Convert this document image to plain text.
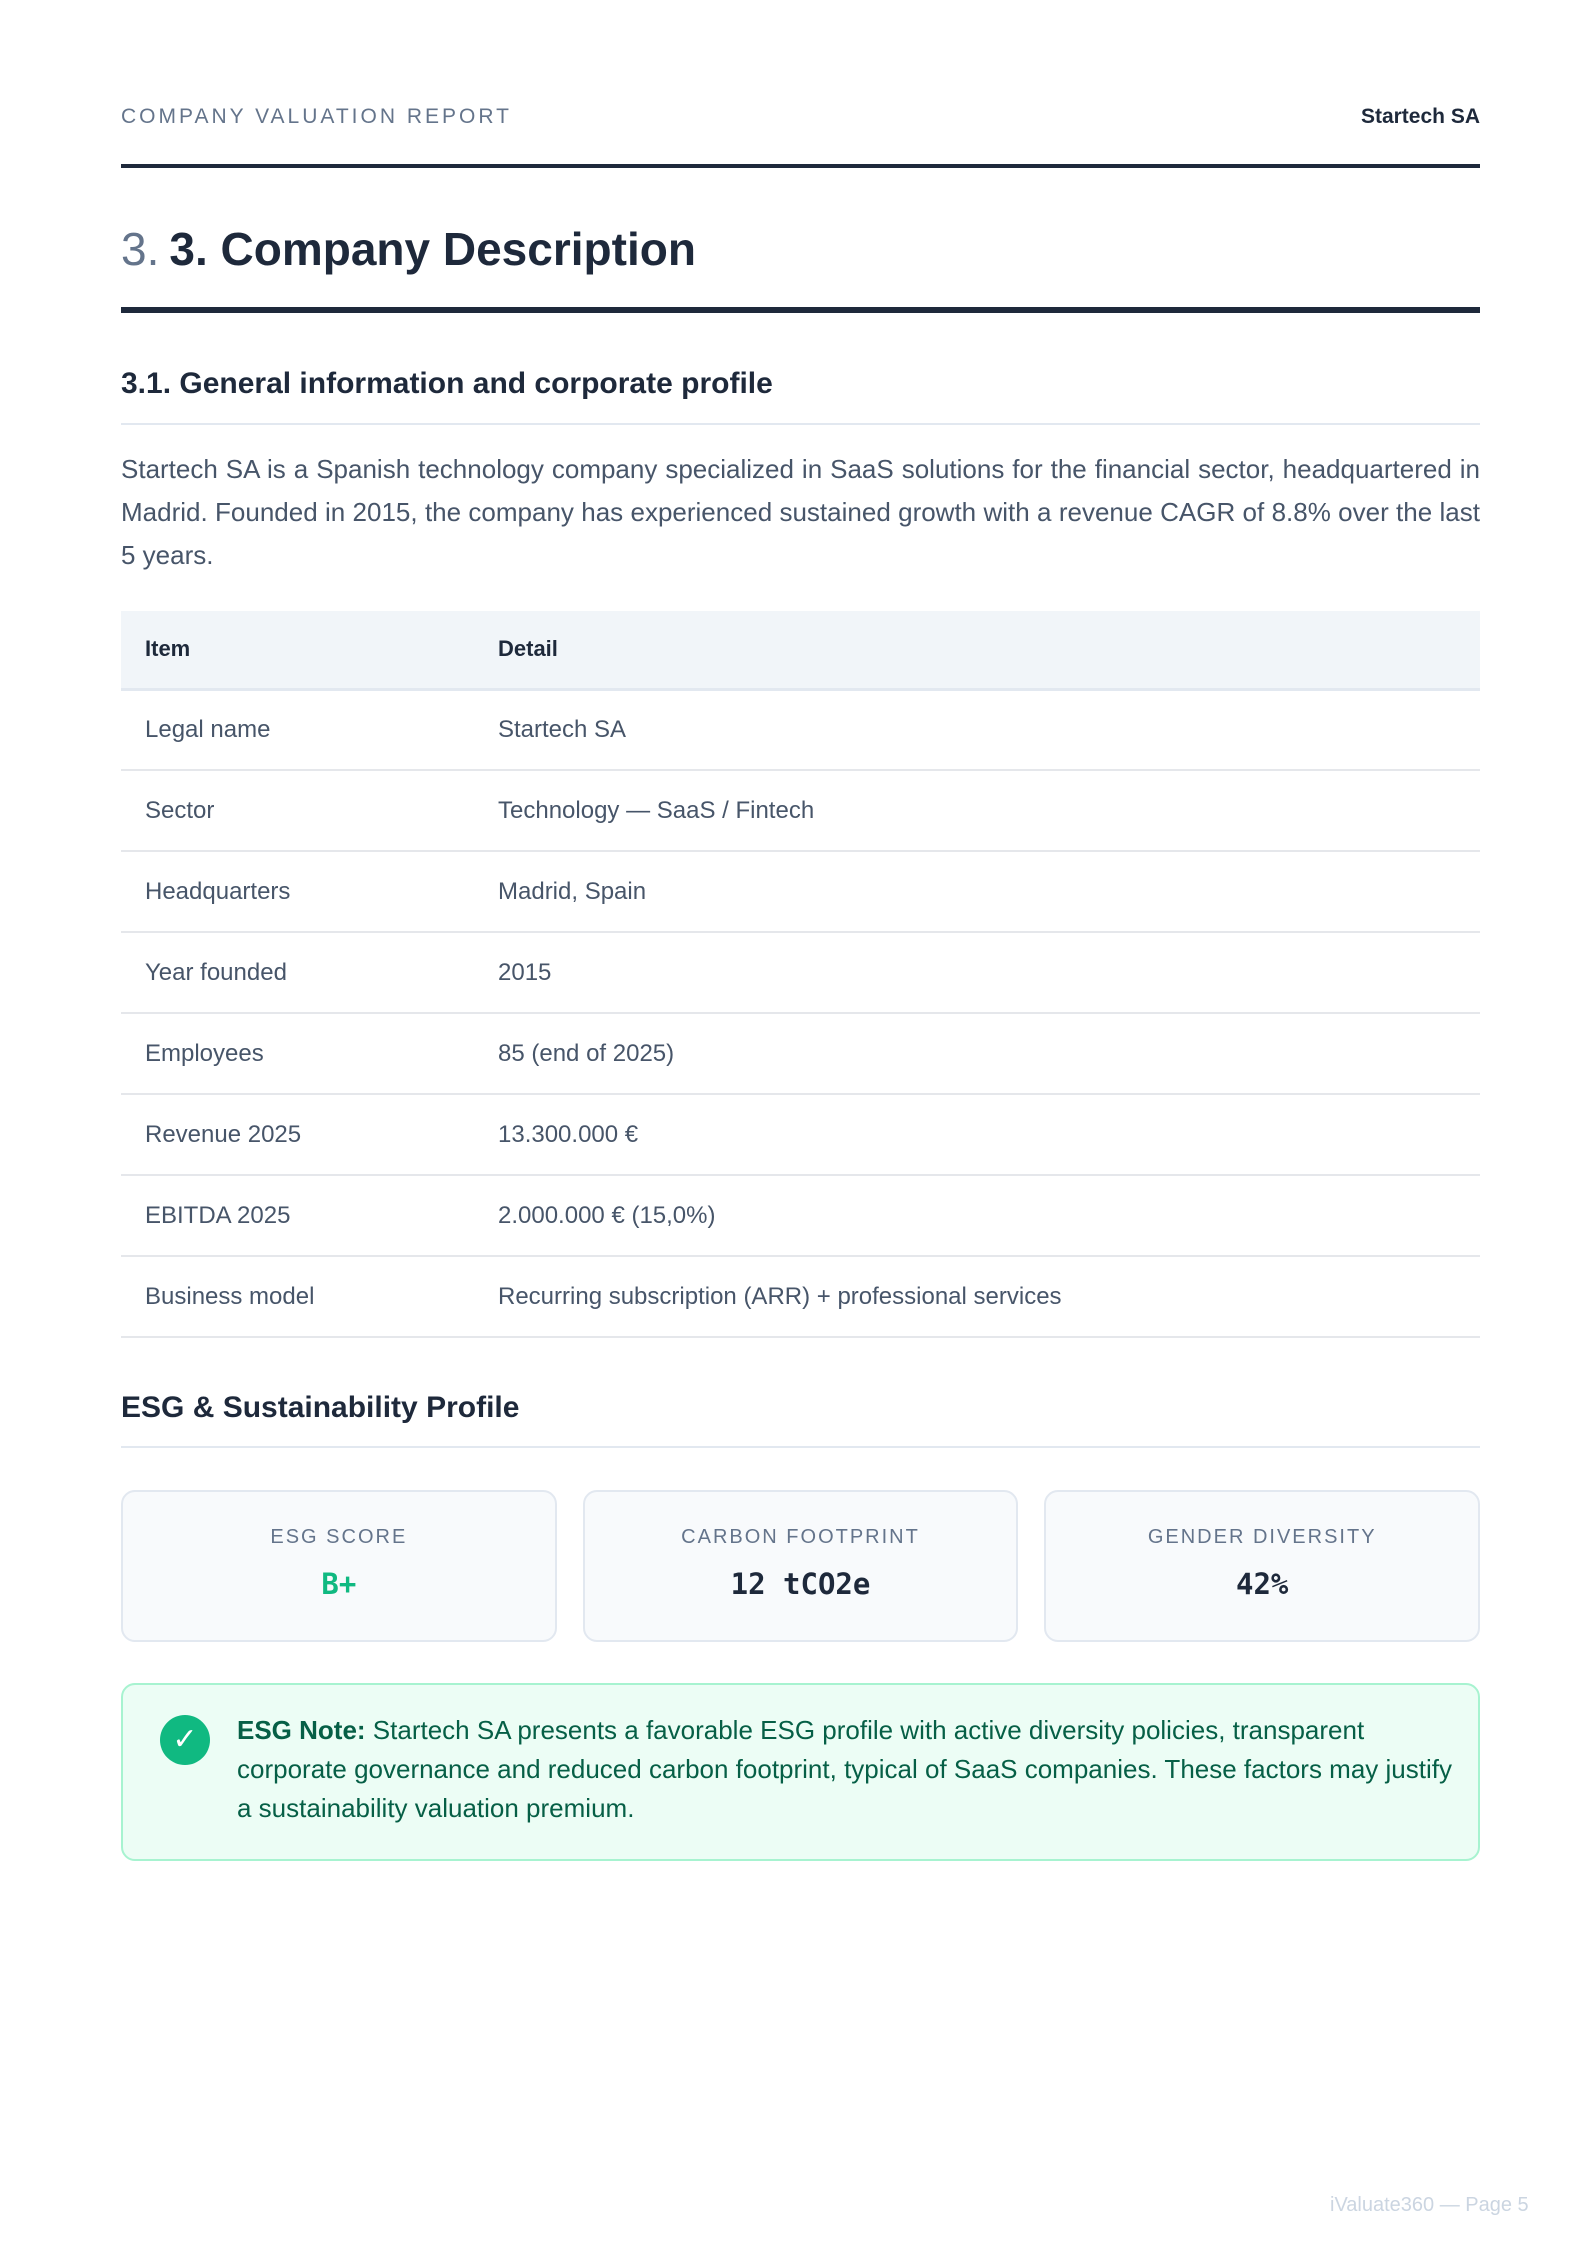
COMPANY VALUATION REPORT	Startech SA
3. 3. Company Description
3.1. General information and corporate profile

Startech SA is a Spanish technology company specialized in SaaS solutions for the financial sector, headquartered in Madrid. Founded in 2015, the company has experienced sustained growth with a revenue CAGR of 8.8% over the last 5 years.

Item	Detail
Legal name	Startech SA
Sector	Technology — SaaS / Fintech
Headquarters	Madrid, Spain
Year founded	2015
Employees	85 (end of 2025)
Revenue 2025	13.300.000 €
EBITDA 2025	2.000.000 € (15,0%)
Business model	Recurring subscription (ARR) + professional services
ESG & Sustainability Profile
ESG SCORE
B+
CARBON FOOTPRINT
12 tCO2e
GENDER DIVERSITY
42%
✓	ESG Note: Startech SA presents a favorable ESG profile with active diversity policies, transparent corporate governance and reduced carbon footprint, typical of SaaS companies. These factors may justify a sustainability valuation premium.

iValuate360 — Page 5
